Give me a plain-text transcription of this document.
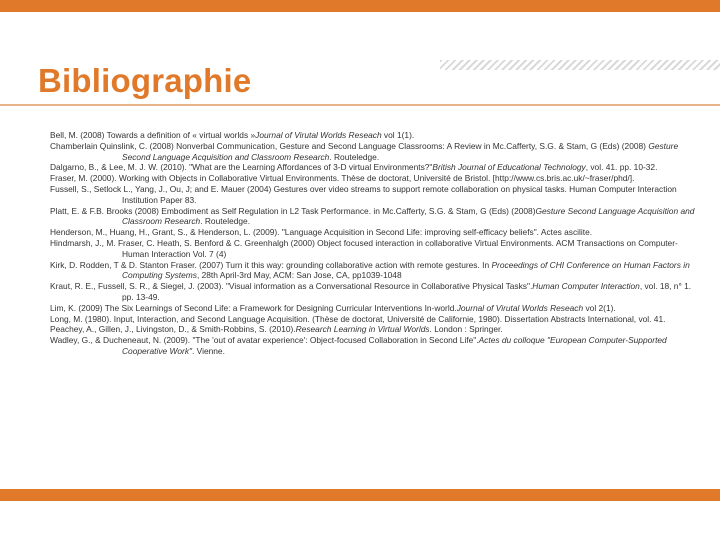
Bibliographie

Bell, M. (2008) Towards a definition of « virtual worlds »Journal of Virutal Worlds Reseach vol 1(1).

Chamberlain Quinslink, C. (2008) Nonverbal Communication, Gesture and Second Language Classrooms: A Review in Mc.Cafferty, S.G. & Stam, G (Eds) (2008) Gesture Second Language Acquisition and Classroom Research. Routeledge.

Dalgarno, B., & Lee, M. J. W. (2010). "What are the Learning Affordances of 3-D virtual Environments?"British Journal of Educational Technology, vol. 41. pp. 10-32.

Fraser, M. (2000). Working with Objects in Collaborative Virtual Environments. Thèse de doctorat, Université de Bristol. [http://www.cs.bris.ac.uk/~fraser/phd/].

Fussell, S., Setlock L., Yang, J., Ou, J; and E. Mauer (2004) Gestures over video streams to support remote collaboration on physical tasks. Human Computer Interaction Institution Paper 83.

Platt, E. & F.B. Brooks (2008) Embodiment as Self Regulation in L2 Task Performance. in Mc.Cafferty, S.G. & Stam, G (Eds) (2008)Gesture Second Language Acquisition and Classroom Research. Routeledge.

Henderson, M., Huang, H., Grant, S., & Henderson, L. (2009). "Language Acquisition in Second Life: improving self-efficacy beliefs". Actes ascilite.

Hindmarsh, J., M. Fraser, C. Heath, S. Benford & C. Greenhalgh (2000) Object focused interaction in collaborative Virtual Environments. ACM Transactions on Computer-Human Interaction Vol. 7 (4)

Kirk, D. Rodden, T & D. Stanton Fraser. (2007) Turn it this way: grounding collaborative action with remote gestures. In Proceedings of CHI Conference on Human Factors in Computing Systems, 28th April-3rd May, ACM: San Jose, CA, pp1039-1048

Kraut, R. E., Fussell, S. R., & Siegel, J. (2003). "Visual information as a Conversational Resource in Collaborative Physical Tasks".Human Computer Interaction, vol. 18, n° 1. pp. 13-49.

Lim, K. (2009) The Six Learnings of Second Life: a Framework for Designing Curricular Interventions In-world.Journal of Virutal Worlds Reseach vol 2(1).

Long, M. (1980). Input, Interaction, and Second Language Acquisition. (Thèse de doctorat, Université de Californie, 1980). Dissertation Abstracts International, vol. 41.

Peachey, A., Gillen, J., Livingston, D., & Smith-Robbins, S. (2010).Research Learning in Virtual Worlds. London : Springer.

Wadley, G., & Ducheneaut, N. (2009). "The 'out of avatar experience': Object-focused Collaboration in Second Life".Actes du colloque "European Computer-Supported Cooperative Work". Vienne.
